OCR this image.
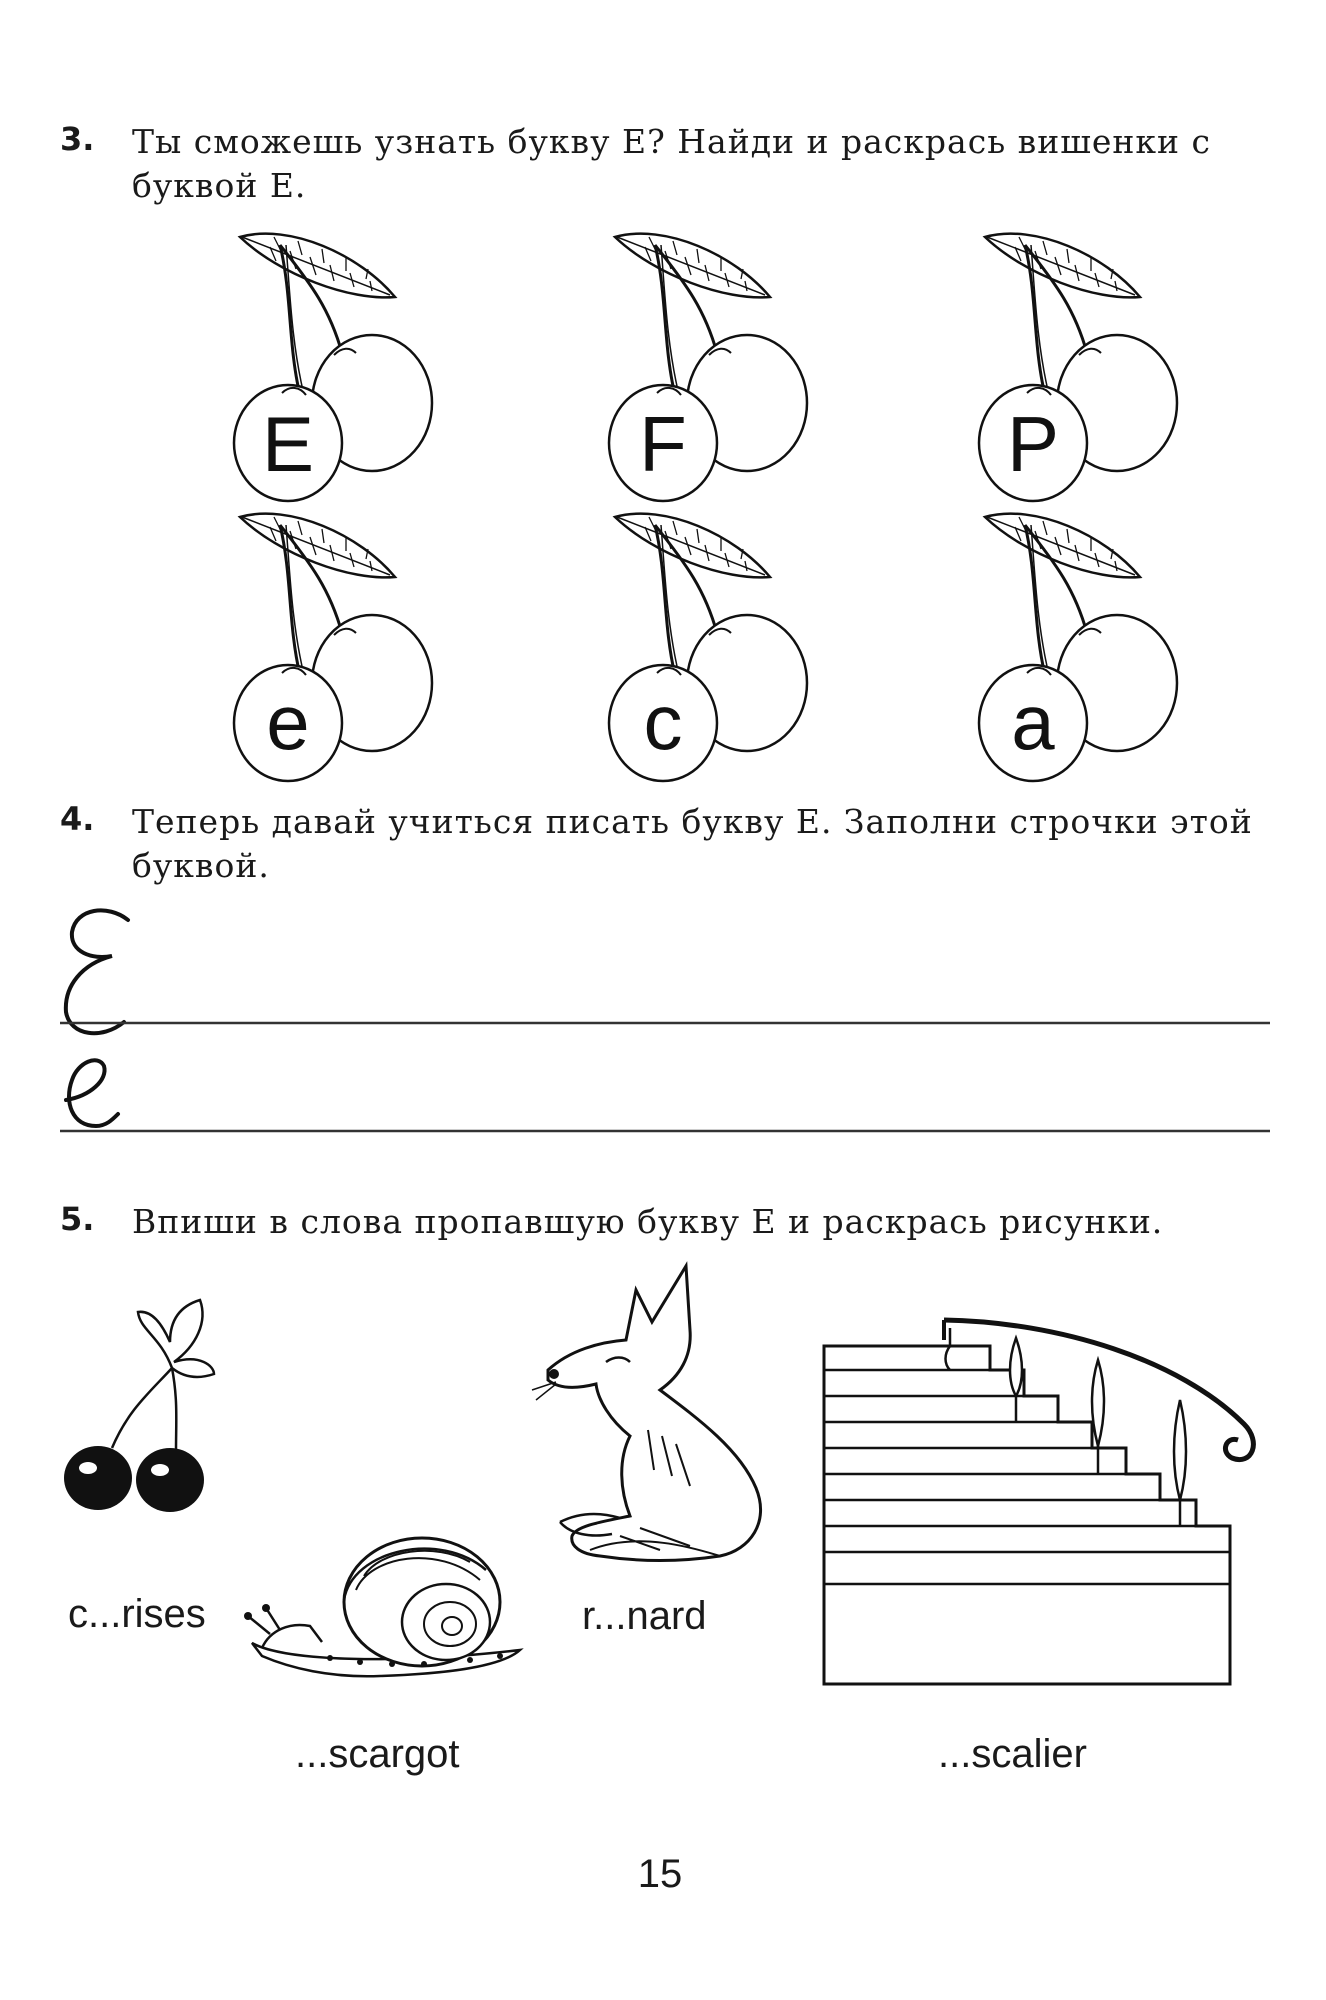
3. Ты сможешь узнать букву E? Найди и раскрась вишенки с буквой E.
E	F	P
e	c	a
4. Теперь давай учиться писать букву E. Заполни строчки этой буквой.
5. Впиши в слова пропавшую букву E и раскрась рисунки.
c...rises
...scargot
r...nard
...scalier
15
